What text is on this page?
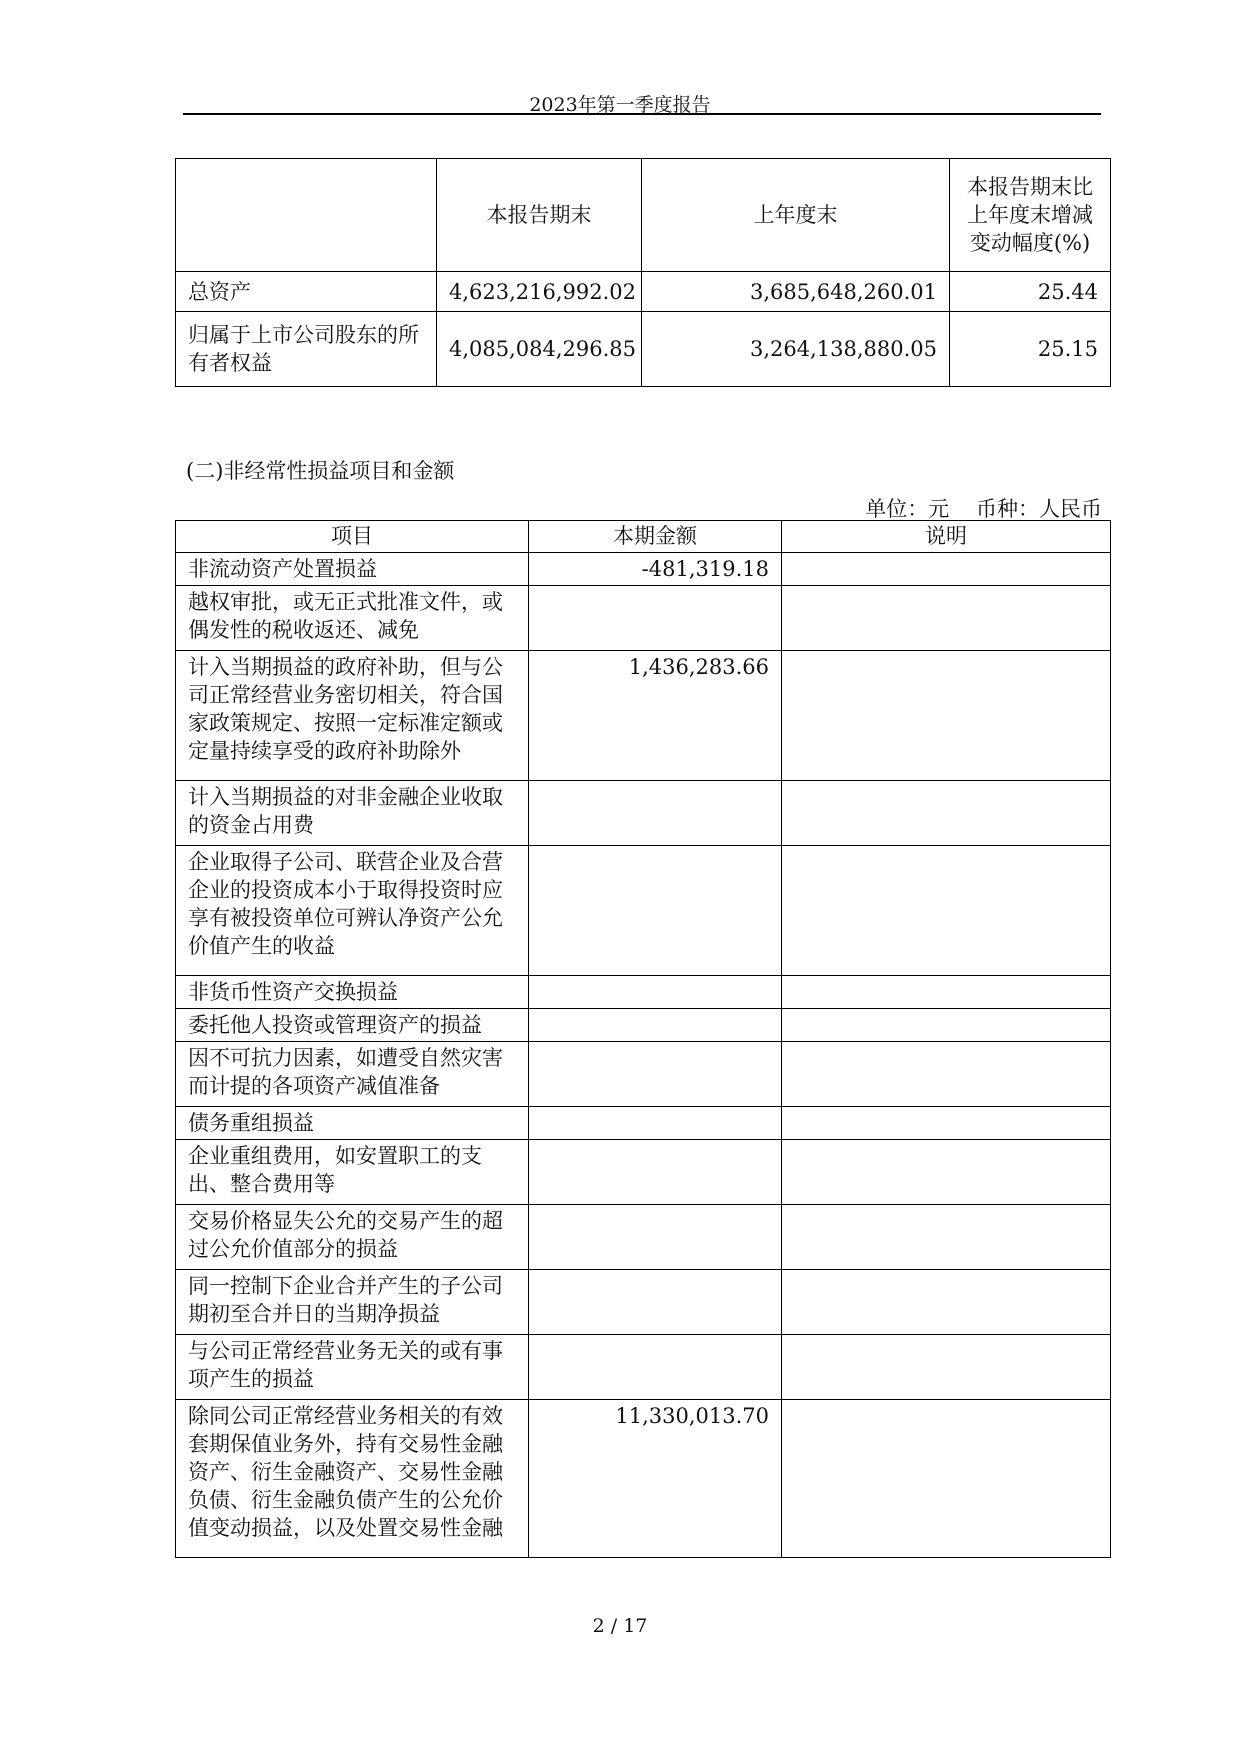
2023年第一季度报告
	本报告期末	上年度末	本报告期末比
上年度末增减
变动幅度(%)

总资产	4,623,216,992.02	3,685,648,260.01	25.44

归属于上市公司股东的所
有者权益	4,085,084,296.85	3,264,138,880.05	25.15
(二)非经常性损益项目和金额
单位：元    币种：人民币
项目	本期金额	说明

非流动资产处置损益	-481,319.18	

越权审批，或无正式批准文件，或
偶发性的税收返还、减免		

计入当期损益的政府补助，但与公
司正常经营业务密切相关，符合国
家政策规定、按照一定标准定额或
定量持续享受的政府补助除外	1,436,283.66	

计入当期损益的对非金融企业收取
的资金占用费		

企业取得子公司、联营企业及合营
企业的投资成本小于取得投资时应
享有被投资单位可辨认净资产公允
价值产生的收益		

非货币性资产交换损益		

委托他人投资或管理资产的损益		

因不可抗力因素，如遭受自然灾害
而计提的各项资产减值准备		

债务重组损益		

企业重组费用，如安置职工的支
出、整合费用等		

交易价格显失公允的交易产生的超
过公允价值部分的损益		

同一控制下企业合并产生的子公司
期初至合并日的当期净损益		

与公司正常经营业务无关的或有事
项产生的损益		

除同公司正常经营业务相关的有效
套期保值业务外，持有交易性金融
资产、衍生金融资产、交易性金融
负债、衍生金融负债产生的公允价
值变动损益，以及处置交易性金融	11,330,013.70	
2 / 17
